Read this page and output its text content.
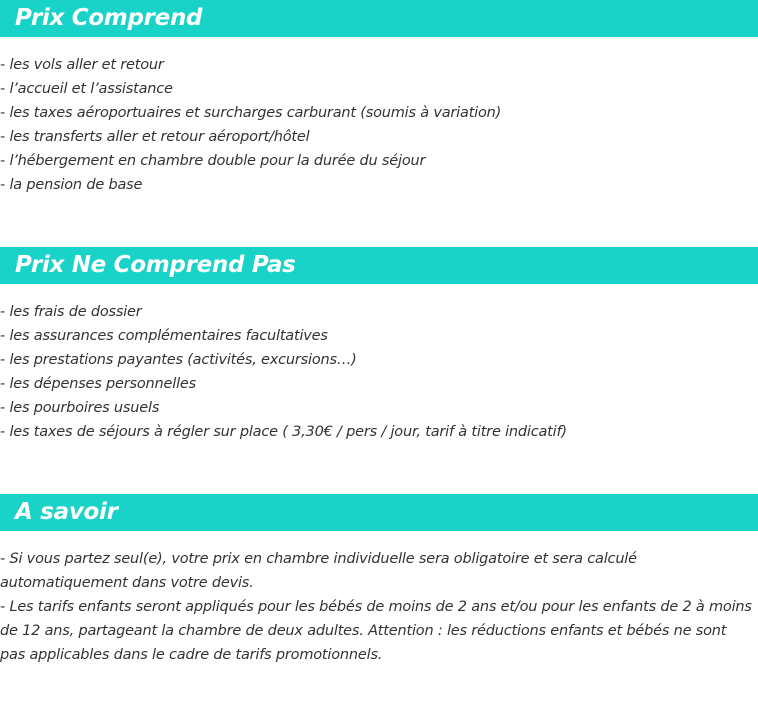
Prix Comprend
- les vols aller et retour
- l’accueil et l’assistance
- les taxes aéroportuaires et surcharges carburant (soumis à variation)
- les transferts aller et retour aéroport/hôtel
- l’hébergement en chambre double pour la durée du séjour
- la pension de base
Prix Ne Comprend Pas
- les frais de dossier
- les assurances complémentaires facultatives
- les prestations payantes (activités, excursions…)
- les dépenses personnelles
- les pourboires usuels
- les taxes de séjours à régler sur place ( 3,30€ / pers / jour, tarif à titre indicatif)
A savoir
- Si vous partez seul(e), votre prix en chambre individuelle sera obligatoire et sera calculé automatiquement dans votre devis.
- Les tarifs enfants seront appliqués pour les bébés de moins de 2 ans et/ou pour les enfants de 2 à moins de 12 ans, partageant la chambre de deux adultes. Attention : les réductions enfants et bébés ne sont pas applicables dans le cadre de tarifs promotionnels.
